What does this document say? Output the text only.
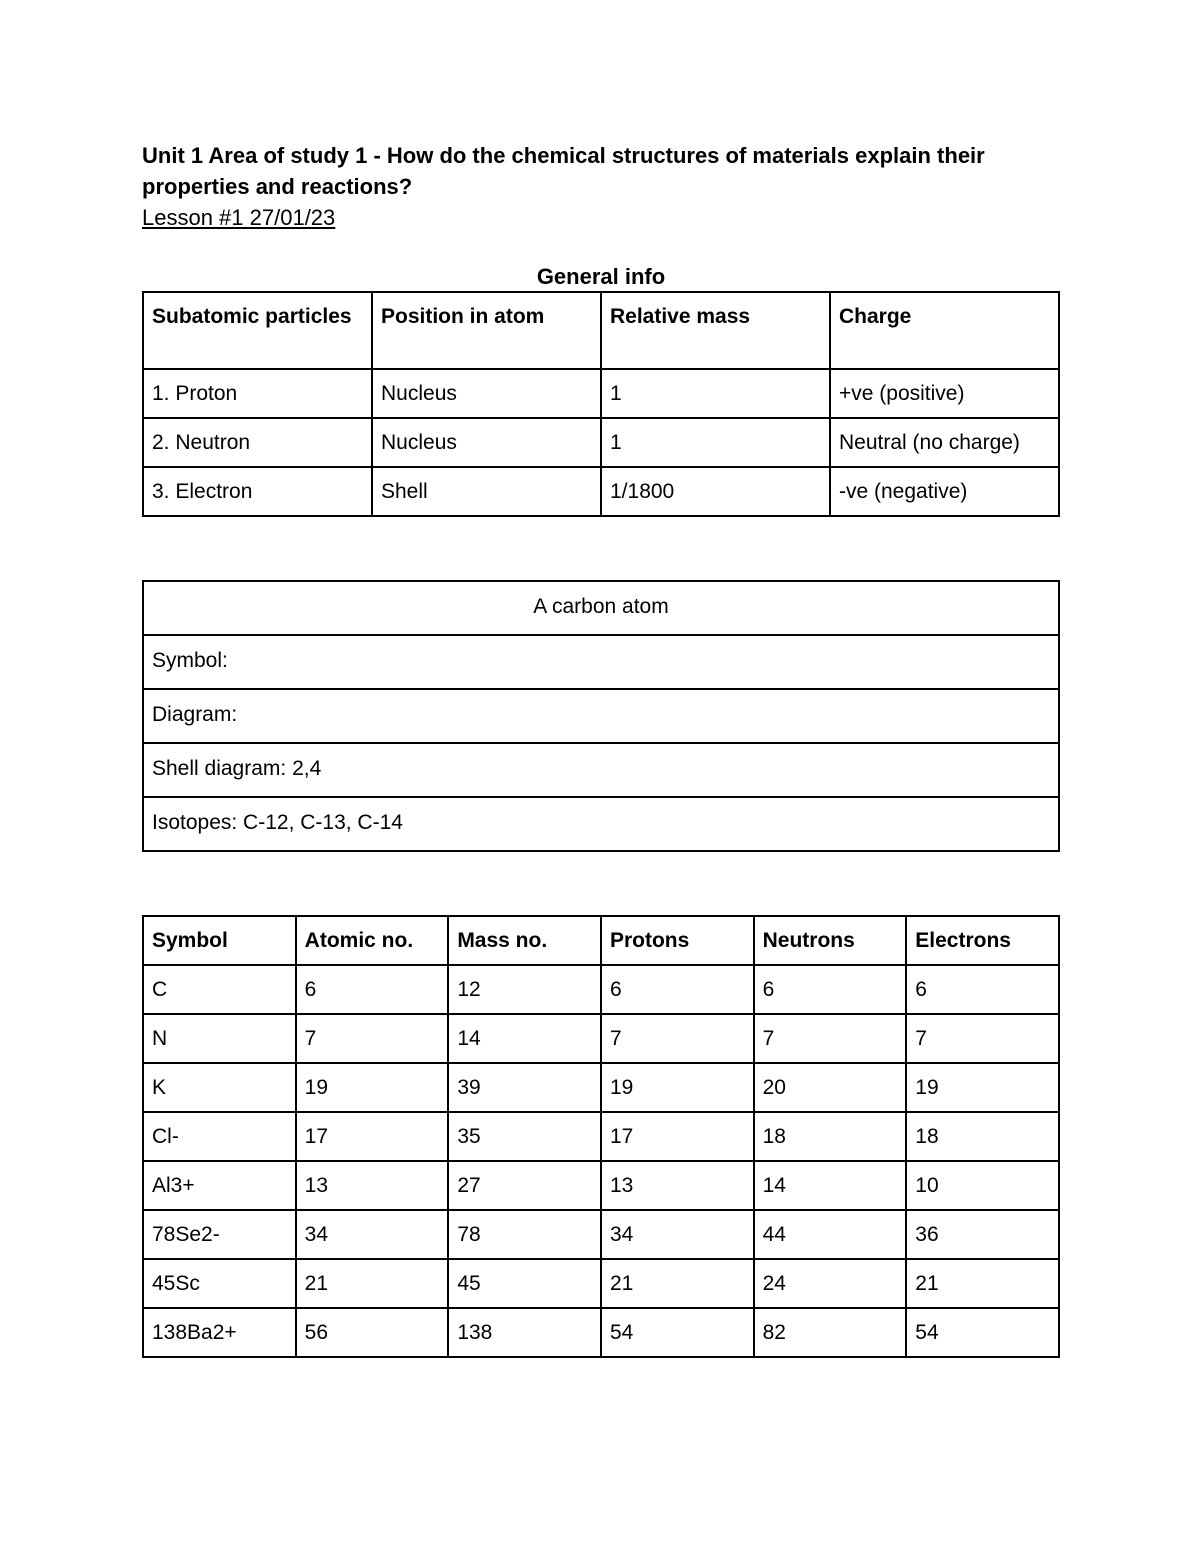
Unit 1 Area of study 1 - How do the chemical structures of materials explain their properties and reactions?

Lesson #1 27/01/23

General info

Subatomic particles	Position in atom	Relative mass	Charge
1. Proton	Nucleus	1	+ve (positive)
2. Neutron	Nucleus	1	Neutral (no charge)
3. Electron	Shell	1/1800	-ve (negative)
A carbon atom
Symbol:
Diagram:
Shell diagram: 2,4
Isotopes: C-12, C-13, C-14
Symbol	Atomic no.	Mass no.	Protons	Neutrons	Electrons
C	6	12	6	6	6
N	7	14	7	7	7
K	19	39	19	20	19
Cl-	17	35	17	18	18
Al3+	13	27	13	14	10
78Se2-	34	78	34	44	36
45Sc	21	45	21	24	21
138Ba2+	56	138	54	82	54
